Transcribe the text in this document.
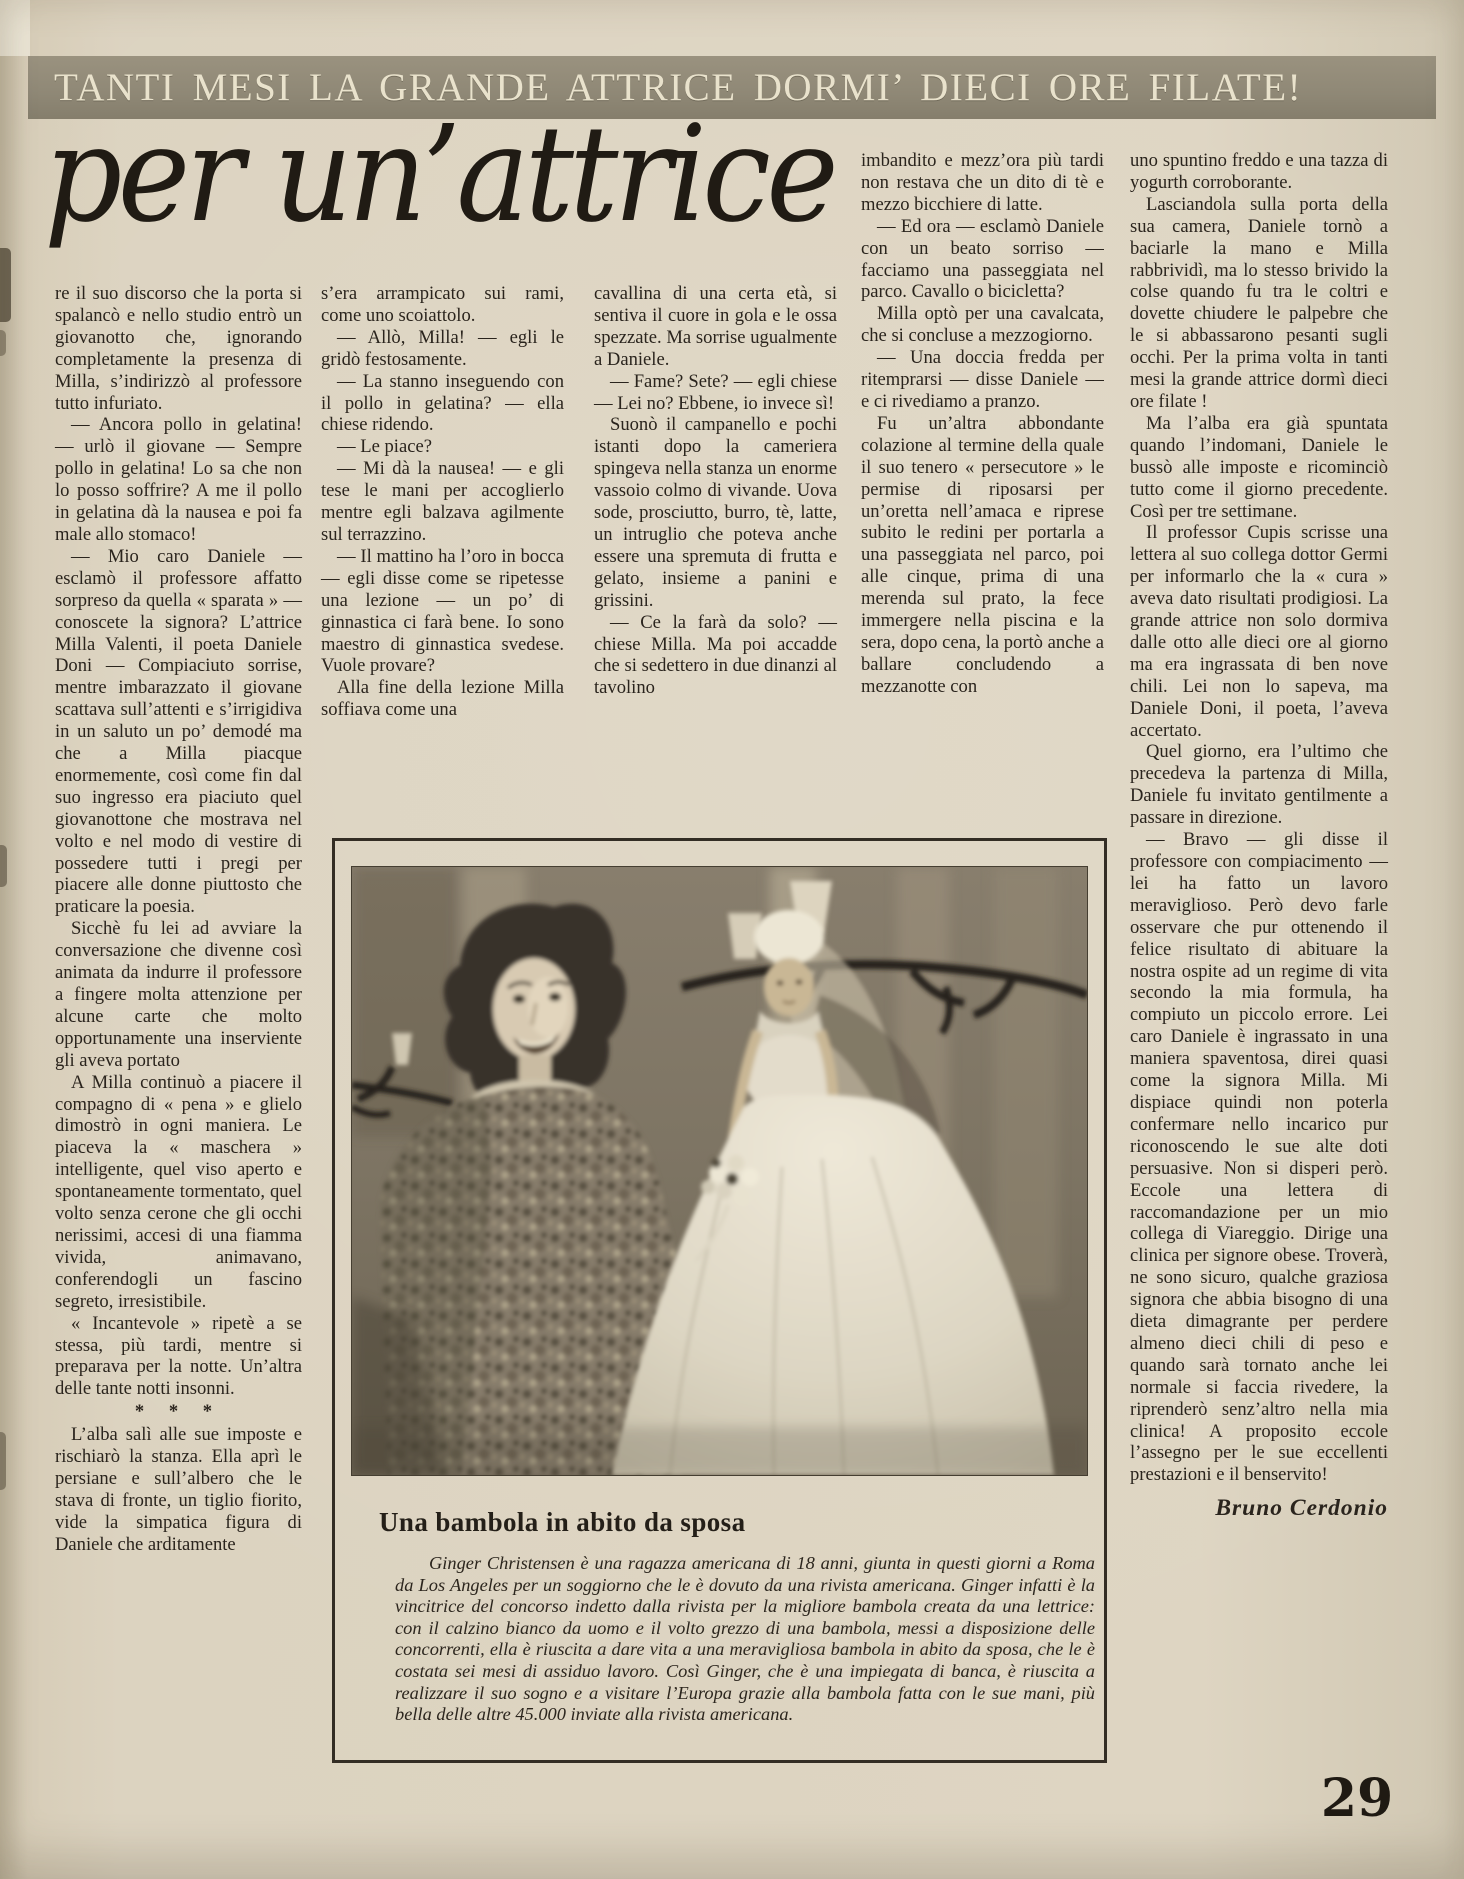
TANTI MESI LA GRANDE ATTRICE DORMI’ DIECI ORE FILATE!
per un’attrice

re il suo discorso che la porta si spalancò e nello studio entrò un giovanotto che, ignorando completamente la presenza di Milla, s’indirizzò al professore tutto infuriato.

— Ancora pollo in gelatina! — urlò il giovane — Sempre pollo in gelatina! Lo sa che non lo posso soffrire? A me il pollo in gelatina dà la nausea e poi fa male allo stomaco!

— Mio caro Daniele — esclamò il professore affatto sorpreso da quella « sparata » — conoscete la signora? L’attrice Milla Valenti, il poeta Daniele Doni — Compiaciuto sorrise, mentre imbarazzato il giovane scattava sull’attenti e s’irrigidiva in un saluto un po’ demodé ma che a Milla piacque enormemente, così come fin dal suo ingresso era piaciuto quel giovanottone che mostrava nel volto e nel modo di vestire di possedere tutti i pregi per piacere alle donne piuttosto che praticare la poesia.

Sicchè fu lei ad avviare la conversazione che divenne così animata da indurre il professore a fingere molta attenzione per alcune carte che molto opportunamente una inserviente gli aveva portato

A Milla continuò a piacere il compagno di « pena » e glielo dimostrò in ogni maniera. Le piaceva la « maschera » intelligente, quel viso aperto e spontaneamente tormentato, quel volto senza cerone che gli occhi nerissimi, accesi di una fiamma vivida, animavano, conferendogli un fascino segreto, irresistibile.

« Incantevole » ripetè a se stessa, più tardi, mentre si preparava per la notte. Un’altra delle tante notti insonni.

* * *

L’alba salì alle sue imposte e rischiarò la stanza. Ella aprì le persiane e sull’albero che le stava di fronte, un tiglio fiorito, vide la simpatica figura di Daniele che arditamente

s’era arrampicato sui rami, come uno scoiattolo.

— Allò, Milla! — egli le gridò festosamente.

— La stanno inseguendo con il pollo in gelatina? — ella chiese ridendo.

— Le piace?

— Mi dà la nausea! — e gli tese le mani per accoglierlo mentre egli balzava agilmente sul terrazzino.

— Il mattino ha l’oro in bocca — egli disse come se ripetesse una lezione — un po’ di ginnastica ci farà bene. Io sono maestro di ginnastica svedese. Vuole provare?

Alla fine della lezione Milla soffiava come una

cavallina di una certa età, si sentiva il cuore in gola e le ossa spezzate. Ma sorrise ugualmente a Daniele.

— Fame? Sete? — egli chiese — Lei no? Ebbene, io invece sì!

Suonò il campanello e pochi istanti dopo la cameriera spingeva nella stanza un enorme vassoio colmo di vivande. Uova sode, prosciutto, burro, tè, latte, un intruglio che poteva anche essere una spremuta di frutta e gelato, insieme a panini e grissini.

— Ce la farà da solo? — chiese Milla. Ma poi accadde che si sedettero in due dinanzi al tavolino

imbandito e mezz’ora più tardi non restava che un dito di tè e mezzo bicchiere di latte.

— Ed ora — esclamò Daniele con un beato sorriso — facciamo una passeggiata nel parco. Cavallo o bicicletta?

Milla optò per una cavalcata, che si concluse a mezzogiorno.

— Una doccia fredda per ritemprarsi — disse Daniele — e ci rivediamo a pranzo.

Fu un’altra abbondante colazione al termine della quale il suo tenero « persecutore » le permise di riposarsi per un’oretta nell’amaca e riprese subito le redini per portarla a una passeggiata nel parco, poi alle cinque, prima di una merenda sul prato, la fece immergere nella piscina e la sera, dopo cena, la portò anche a ballare concludendo a mezzanotte con

uno spuntino freddo e una tazza di yogurth corroborante.

Lasciandola sulla porta della sua camera, Daniele tornò a baciarle la mano e Milla rabbrividì, ma lo stesso brivido la colse quando fu tra le coltri e dovette chiudere le palpebre che le si abbassarono pesanti sugli occhi. Per la prima volta in tanti mesi la grande attrice dormì dieci ore filate !

Ma l’alba era già spuntata quando l’indomani, Daniele le bussò alle imposte e ricominciò tutto come il giorno precedente. Così per tre settimane.

Il professor Cupis scrisse una lettera al suo collega dottor Germi per informarlo che la « cura » aveva dato risultati prodigiosi. La grande attrice non solo dormiva dalle otto alle dieci ore al giorno ma era ingrassata di ben nove chili. Lei non lo sapeva, ma Daniele Doni, il poeta, l’aveva accertato.

Quel giorno, era l’ultimo che precedeva la partenza di Milla, Daniele fu invitato gentilmente a passare in direzione.

— Bravo — gli disse il professore con compiacimento — lei ha fatto un lavoro meraviglioso. Però devo farle osservare che pur ottenendo il felice risultato di abituare la nostra ospite ad un regime di vita secondo la mia formula, ha compiuto un piccolo errore. Lei caro Daniele è ingrassato in una maniera spaventosa, direi quasi come la signora Milla. Mi dispiace quindi non poterla confermare nello incarico pur riconoscendo le sue alte doti persuasive. Non si disperi però. Eccole una lettera di raccomandazione per un mio collega di Viareggio. Dirige una clinica per signore obese. Troverà, ne sono sicuro, qualche graziosa signora che abbia bisogno di una dieta dimagrante per perdere almeno dieci chili di peso e quando sarà tornato anche lei normale si faccia rivedere, la riprenderò senz’altro nella mia clinica! A proposito eccole l’assegno per le sue eccellenti prestazioni e il benservito!

Bruno Cerdonio

Una bambola in abito da sposa
Ginger Christensen è una ragazza americana di 18 anni, giunta in questi giorni a Roma da Los Angeles per un soggiorno che le è dovuto da una rivista americana. Ginger infatti è la vincitrice del concorso indetto dalla rivista per la migliore bambola creata da una lettrice: con il calzino bianco da uomo e il volto grezzo di una bambola, messi a disposizione delle concorrenti, ella è riuscita a dare vita a una meravigliosa bambola in abito da sposa, che le è costata sei mesi di assiduo lavoro. Così Ginger, che è una impiegata di banca, è riuscita a realizzare il suo sogno e a visitare l’Europa grazie alla bambola fatta con le sue mani, più bella delle altre 45.000 inviate alla rivista americana.
29
